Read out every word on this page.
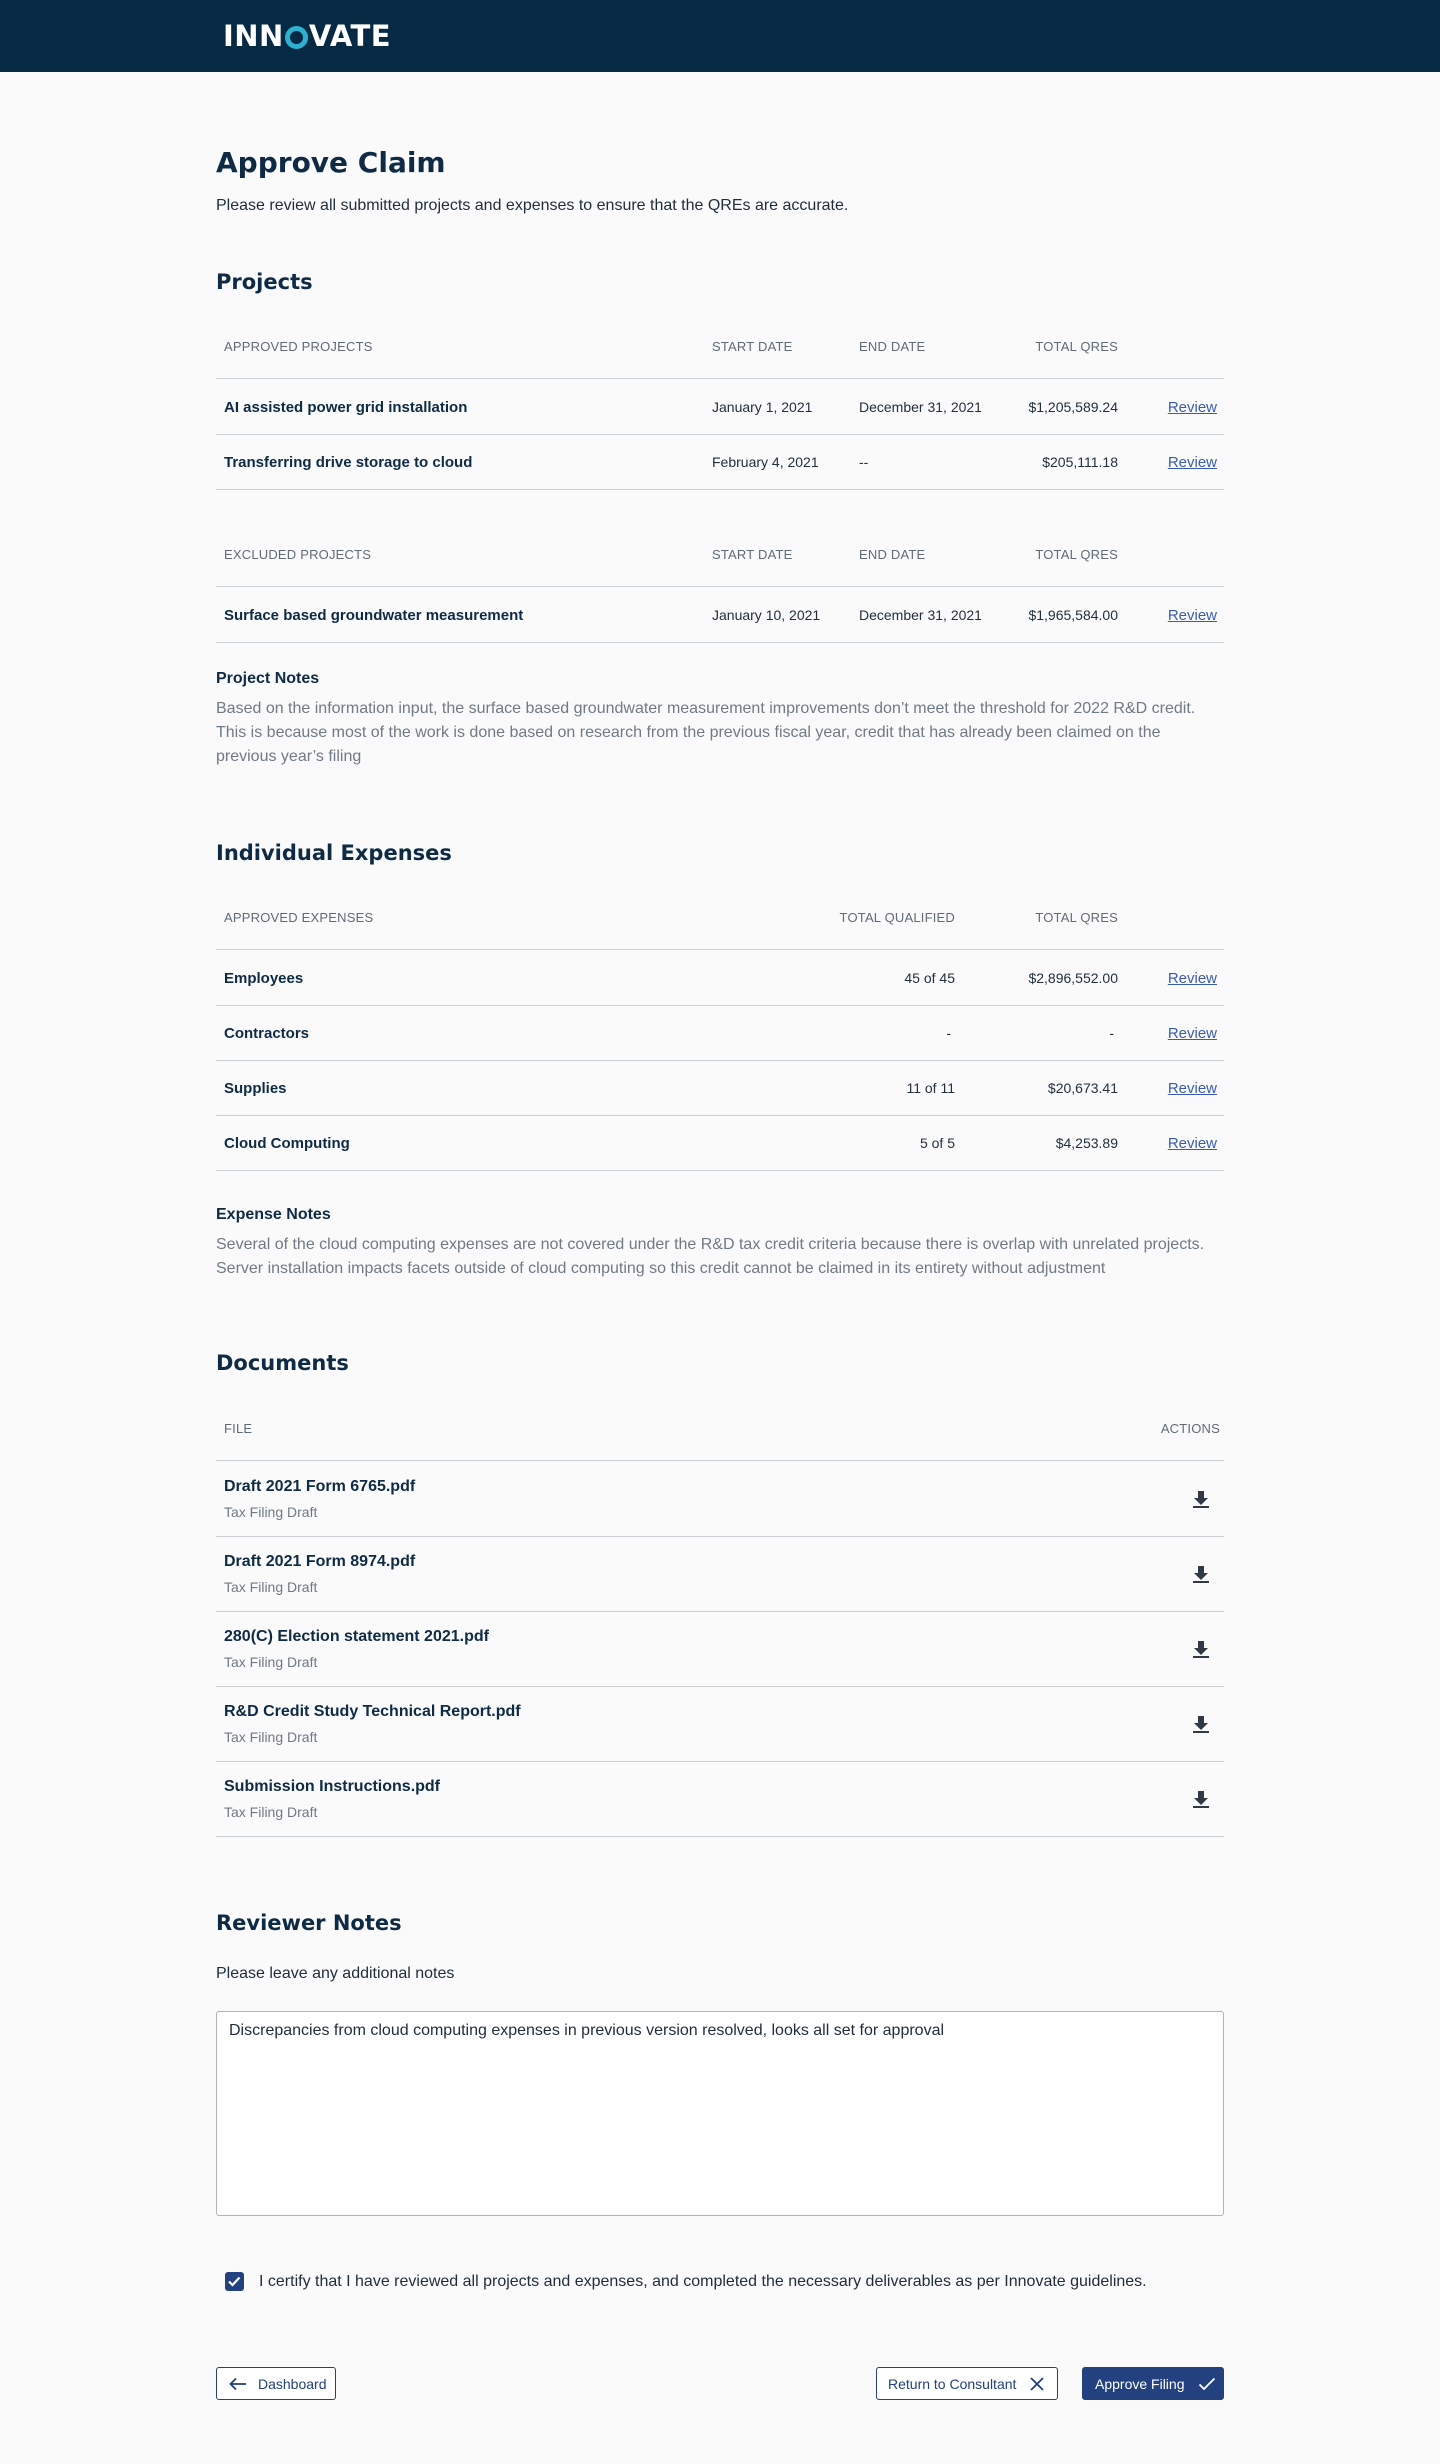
INN VATE
Approve Claim

Please review all submitted projects and expenses to ensure that the QREs are accurate.

Projects
APPROVED PROJECTS	START DATE	END DATE	TOTAL QRES
AI assisted power grid installation	January 1, 2021	December 31, 2021	$1,205,589.24	Review
Transferring drive storage to cloud	February 4, 2021	--	$205,111.18	Review
EXCLUDED PROJECTS	START DATE	END DATE	TOTAL QRES
Surface based groundwater measurement	January 10, 2021	December 31, 2021	$1,965,584.00	Review
Project Notes
Based on the information input, the surface based groundwater measurement improvements don’t meet the threshold for 2022 R&D credit.
This is because most of the work is done based on research from the previous fiscal year, credit that has already been claimed on the
previous year’s filing
Individual Expenses
APPROVED EXPENSES	TOTAL QUALIFIED	TOTAL QRES
Employees	45 of 45	$2,896,552.00	Review
Contractors	-	-	Review
Supplies	11 of 11	$20,673.41	Review
Cloud Computing	5 of 5	$4,253.89	Review
Expense Notes
Several of the cloud computing expenses are not covered under the R&D tax credit criteria because there is overlap with unrelated projects.
Server installation impacts facets outside of cloud computing so this credit cannot be claimed in its entirety without adjustment
Documents
FILE	ACTIONS
Draft 2021 Form 6765.pdf
Tax Filing Draft
Draft 2021 Form 8974.pdf
Tax Filing Draft
280(C) Election statement 2021.pdf
Tax Filing Draft
R&D Credit Study Technical Report.pdf
Tax Filing Draft
Submission Instructions.pdf
Tax Filing Draft
Reviewer Notes

Please leave any additional notes

Discrepancies from cloud computing expenses in previous version resolved, looks all set for approval
I certify that I have reviewed all projects and expenses, and completed the necessary deliverables as per Innovate guidelines.
Dashboard	Return to Consultant	Approve Filing
